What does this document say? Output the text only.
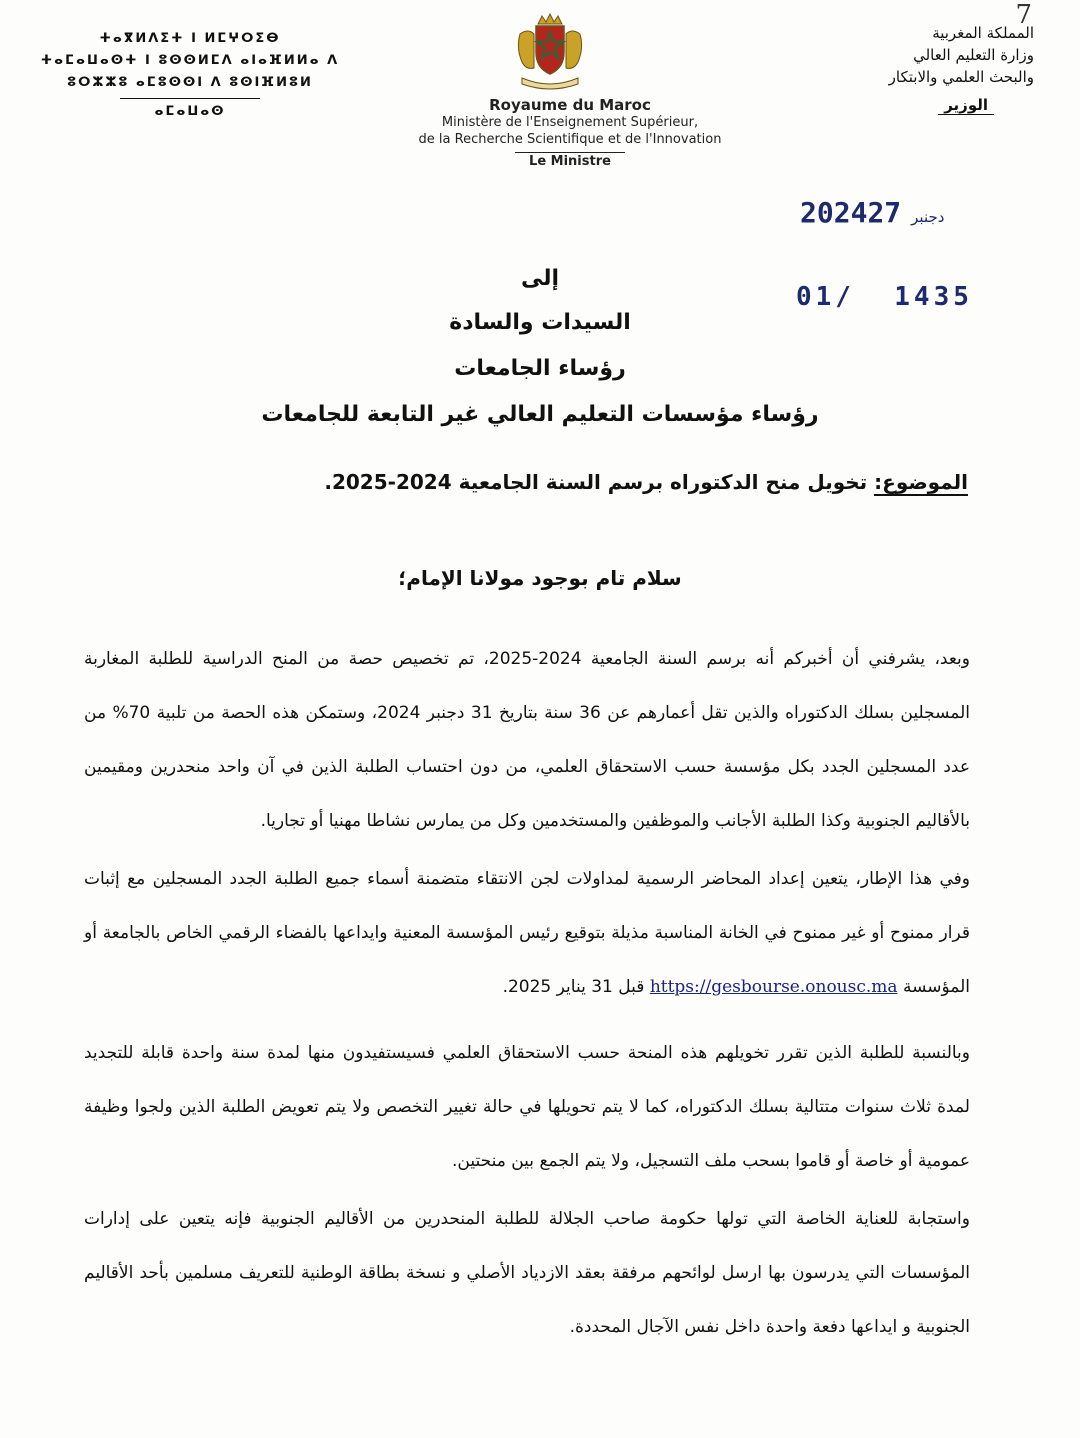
7
ⵜⴰⴳⵍⴷⵉⵜ ⵏ ⵍⵎⵖⵔⵉⴱ
ⵜⴰⵎⴰⵡⴰⵙⵜ ⵏ ⵓⵙⵙⵍⵎⴷ ⴰⵏⴰⴼⵍⵍⴰ ⴷ
ⵓⵔⵣⵣⵓ ⴰⵎⵓⵙⵙⵏ ⴷ ⵓⵙⵏⴼⵍⵓⵍ
ⴰⵎⴰⵡⴰⵙ
المملكة المغربية
وزارة التعليم العالي
والبحث العلمي والابتكار
الوزير
Royaume du Maroc
Ministère de l'Enseignement Supérieur,
de la Recherche Scientifique et de l'Innovation
Le Ministre
2024	دجنبر27
01/ 1435
إلى
السيدات والسادة
رؤساء الجامعات
رؤساء مؤسسات التعليم العالي غير التابعة للجامعات
الموضوع: تخويل منح الدكتوراه برسم السنة الجامعية 2024-2025.
سلام تام بوجود مولانا الإمام؛
وبعد، يشرفني أن أخبركم أنه برسم السنة الجامعية 2024-2025، تم تخصيص حصة من المنح الدراسية للطلبة المغاربة المسجلين بسلك الدكتوراه والذين تقل أعمارهم عن 36 سنة بتاريخ 31 دجنبر 2024، وستمكن هذه الحصة من تلبية 70% من عدد المسجلين الجدد بكل مؤسسة حسب الاستحقاق العلمي، من دون احتساب الطلبة الذين في آن واحد منحدرين ومقيمين بالأقاليم الجنوبية وكذا الطلبة الأجانب والموظفين والمستخدمين وكل من يمارس نشاطا مهنيا أو تجاريا.
وفي هذا الإطار، يتعين إعداد المحاضر الرسمية لمداولات لجن الانتقاء متضمنة أسماء جميع الطلبة الجدد المسجلين مع إثبات قرار ممنوح أو غير ممنوح في الخانة المناسبة مذيلة بتوقيع رئيس المؤسسة المعنية وايداعها بالفضاء الرقمي الخاص بالجامعة أو المؤسسة https://gesbourse.onousc.ma قبل 31 يناير 2025.
وبالنسبة للطلبة الذين تقرر تخويلهم هذه المنحة حسب الاستحقاق العلمي فسيستفيدون منها لمدة سنة واحدة قابلة للتجديد لمدة ثلاث سنوات متتالية بسلك الدكتوراه، كما لا يتم تحويلها في حالة تغيير التخصص ولا يتم تعويض الطلبة الذين ولجوا وظيفة عمومية أو خاصة أو قاموا بسحب ملف التسجيل، ولا يتم الجمع بين منحتين.
واستجابة للعناية الخاصة التي تولها حكومة صاحب الجلالة للطلبة المنحدرين من الأقاليم الجنوبية فإنه يتعين على إدارات المؤسسات التي يدرسون بها ارسل لوائحهم مرفقة بعقد الازدياد الأصلي و نسخة بطاقة الوطنية للتعريف مسلمين بأحد الأقاليم الجنوبية و ايداعها دفعة واحدة داخل نفس الآجال المحددة.
